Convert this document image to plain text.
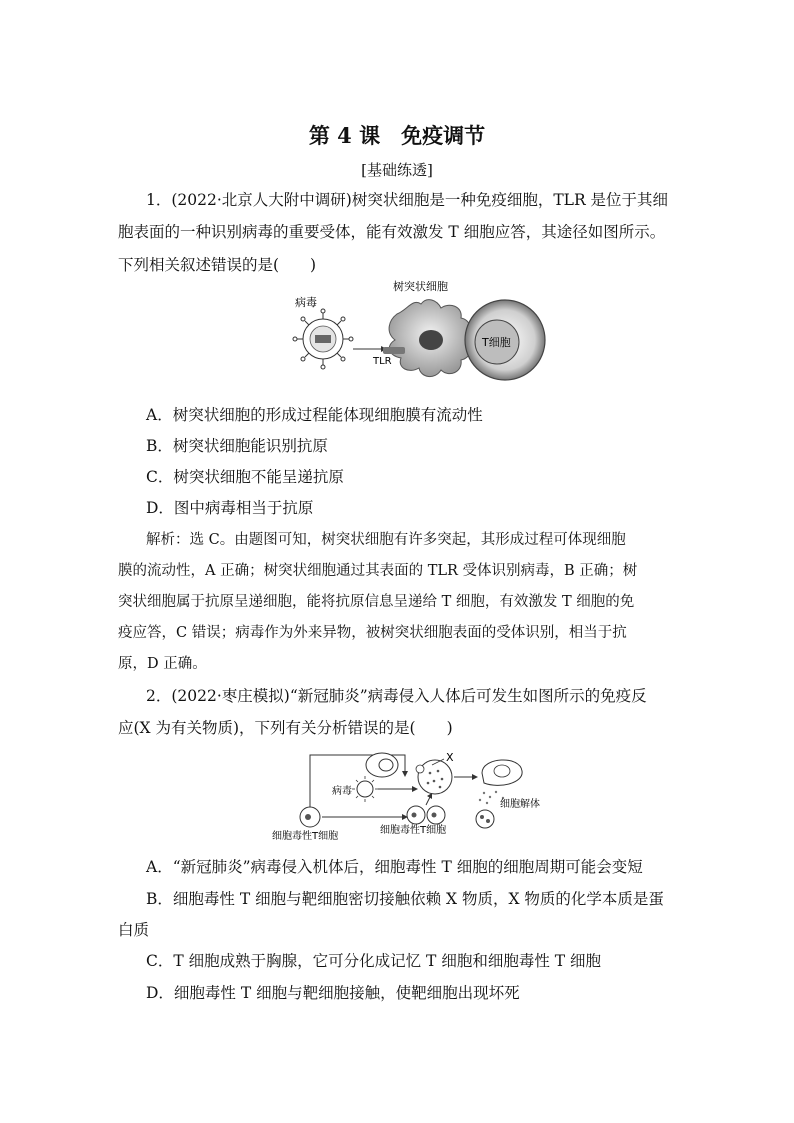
第 4 课　免疫调节
[基础练透]
1．(2022·北京人大附中调研)树突状细胞是一种免疫细胞，TLR 是位于其细
胞表面的一种识别病毒的重要受体，能有效激发 T 细胞应答，其途径如图所示。
下列相关叙述错误的是(　　)
病毒
TLR
树突状细胞
T细胞
A．树突状细胞的形成过程能体现细胞膜有流动性
B．树突状细胞能识别抗原
C．树突状细胞不能呈递抗原
D．图中病毒相当于抗原
解析：选 C。由题图可知，树突状细胞有许多突起，其形成过程可体现细胞
膜的流动性，A 正确；树突状细胞通过其表面的 TLR 受体识别病毒，B 正确；树
突状细胞属于抗原呈递细胞，能将抗原信息呈递给 T 细胞，有效激发 T 细胞的免
疫应答，C 错误；病毒作为外来异物，被树突状细胞表面的受体识别，相当于抗
原，D 正确。
2．(2022·枣庄模拟)“新冠肺炎”病毒侵入人体后可发生如图所示的免疫反
应(X 为有关物质)，下列有关分析错误的是(　　)
病毒
X
细胞解体
细胞毒性T细胞
细胞毒性T细胞
A．“新冠肺炎”病毒侵入机体后，细胞毒性 T 细胞的细胞周期可能会变短
B．细胞毒性 T 细胞与靶细胞密切接触依赖 X 物质，X 物质的化学本质是蛋
白质
C．T 细胞成熟于胸腺，它可分化成记忆 T 细胞和细胞毒性 T 细胞
D．细胞毒性 T 细胞与靶细胞接触，使靶细胞出现坏死
